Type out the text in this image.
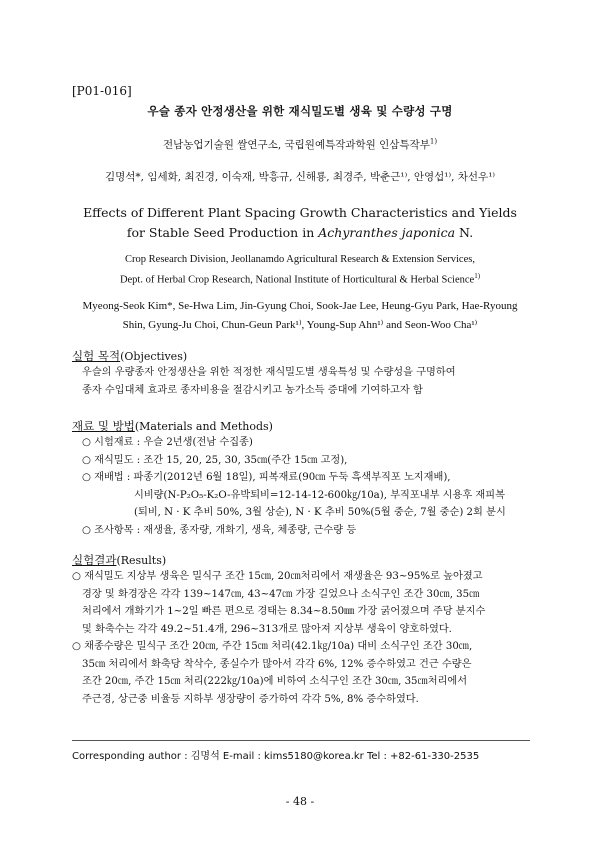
[P01-016]
우슬 종자 안정생산을 위한 재식밀도별 생육 및 수량성 구명
전남농업기술원 쌀연구소, 국립원예특작과학원 인삼특작부$^{1)}$
김명석*, 임세화, 최진경, 이숙재, 박흥규, 신해룡, 최경주, 박춘근¹⁾, 안영섭¹⁾, 차선우¹⁾
Effects of Different Plant Spacing Growth Characteristics and Yields
for Stable Seed Production in Achyranthes japonica N.
Crop Research Division, Jeollanamdo Agricultural Research & Extension Services,
Dept. of Herbal Crop Research, National Institute of Horticultural & Herbal Science$^{1)}$
Myeong-Seok Kim*, Se-Hwa Lim, Jin-Gyung Choi, Sook-Jae Lee, Heung-Gyu Park, Hae-Ryoung
Shin, Gyung-Ju Choi, Chun-Geun Park¹⁾, Young-Sup Ahn¹⁾ and Seon-Woo Cha¹⁾
실험 목적(Objectives)
우슬의 우량종자 안정생산을 위한 적정한 재식밀도별 생육특성 및 수량성을 구명하여
종자 수입대체 효과로 종자비용을 절감시키고 농가소득 증대에 기여하고자 함
재료 및 방법(Materials and Methods)
○ 시험재료 : 우슬 2년생(전남 수집종)
○ 재식밀도 : 조간 15, 20, 25, 30, 35㎝(주간 15㎝ 고정),
○ 재배법 : 파종기(2012년 6월 18일), 피복재료(90㎝ 두둑 흑색부직포 노지재배),
시비량(N-P₂O₅-K₂O-유박퇴비=12-14-12-600㎏/10a), 부직포내부 시용후 재피복
(퇴비, N · K 추비 50%, 3월 상순), N · K 추비 50%(5월 중순, 7월 중순) 2회 분시
○ 조사항목 : 재생율, 종자량, 개화기, 생육, 체종량, 근수량 등
실험결과(Results)
○ 재식밀도 지상부 생육은 밀식구 조간 15㎝, 20㎝처리에서 재생율은 93~95%로 높아졌고
경장 및 화경장은 각각 139~147㎝, 43~47㎝ 가장 길었으나 소식구인 조간 30㎝, 35㎝
처리에서 개화기가 1~2일 빠른 편으로 경태는 8.34~8.50㎜ 가장 굵어졌으며 주당 분지수
및 화축수는 각각 49.2~51.4개, 296~313개로 많아져 지상부 생육이 양호하였다.
○ 채종수량은 밀식구 조간 20㎝, 주간 15㎝ 처리(42.1㎏/10a) 대비 소식구인 조간 30㎝,
35㎝ 처리에서 화축당 착삭수, 종실수가 많아서 각각 6%, 12% 증수하였고 건근 수량은
조간 20㎝, 주간 15㎝ 처리(222㎏/10a)에 비하여 소식구인 조간 30㎝, 35㎝처리에서
주근경, 상근중 비율등 지하부 생장량이 증가하여 각각 5%, 8% 증수하였다.
Corresponding author : 김명석 E-mail : kims5180@korea.kr Tel : +82-61-330-2535
- 48 -
